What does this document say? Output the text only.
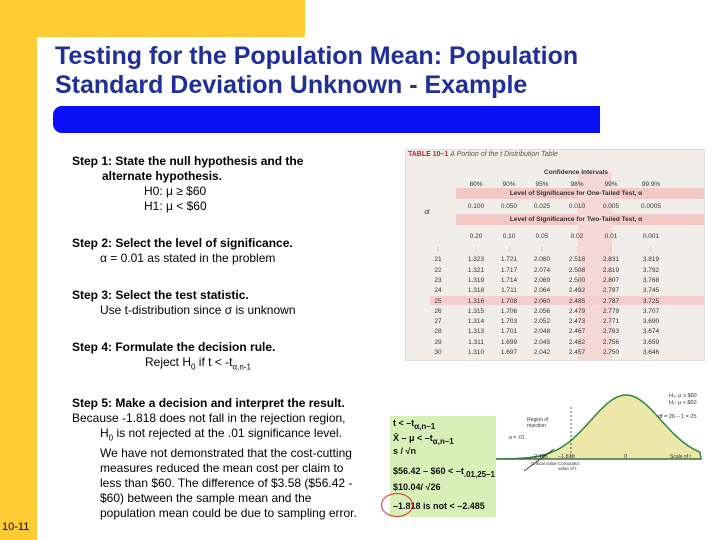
Testing for the Population Mean: Population
Standard Deviation Unknown - Example
Step 1: State the null hypothesis and the
alternate hypothesis.
H0: μ ≥ $60
H1: μ < $60
Step 2: Select the level of significance.
α = 0.01 as stated in the problem
Step 3: Select the test statistic.
Use t-distribution since σ is unknown
Step 4: Formulate the decision rule.
Reject $H_0$ if $t < -t_{\alpha,n-1}$
Step 5: Make a decision and interpret the result.
Because -1.818 does not fall in the rejection region,
$H_0$ is not rejected at the .01 significance level.
We have not demonstrated that the cost-cutting
measures reduced the mean cost per claim to
less than $60. The difference of $3.58 ($56.42 -
$60) between the sample mean and the
population mean could be due to sampling error.
TABLE 10–1 A Portion of the t Distribution Table
Confidence Intervals
80%	90%	95%	98%	99%	99.9%
Level of Significance for One-Tailed Test, α
df
0.100	0.050	0.025	0.010	0.005	0.0005
Level of Significance for Two-Tailed Test, α
0.20	0.10	0.05	0.02	0.01	0.001
:	:	:	:	:	:	:
21	1.323	1.721	2.080	2.518	2.831	3.819
22	1.321	1.717	2.074	2.508	2.819	3.792
23	1.319	1.714	2.069	2.500	2.807	3.768
24	1.318	1.711	2.064	2.492	2.797	3.745
25	1.316	1.708	2.060	2.485	2.787	3.725
26	1.315	1.706	2.056	2.479	2.779	3.707
27	1.314	1.703	2.052	2.473	2.771	3.690
28	1.313	1.701	2.048	2.467	2.763	3.674
29	1.311	1.699	2.045	2.462	2.756	3.659
30	1.310	1.697	2.042	2.457	2.750	3.646
H₀: μ ≥ $60
H₁: μ < $60
df = 26 – 1 = 25
Region of rejection
α = .01
–2.485
Critical value
–1.818
Computed value of t
0	Scale of t
$t < -t_{\alpha,n-1}$
X̄ – $\mu < -t_{\alpha,n-1}$
s / √n
$56.42 – $60 < $-t_{.01,25-1}$
$10.04/ √26
–1.818 is not < –2.485
10-11
